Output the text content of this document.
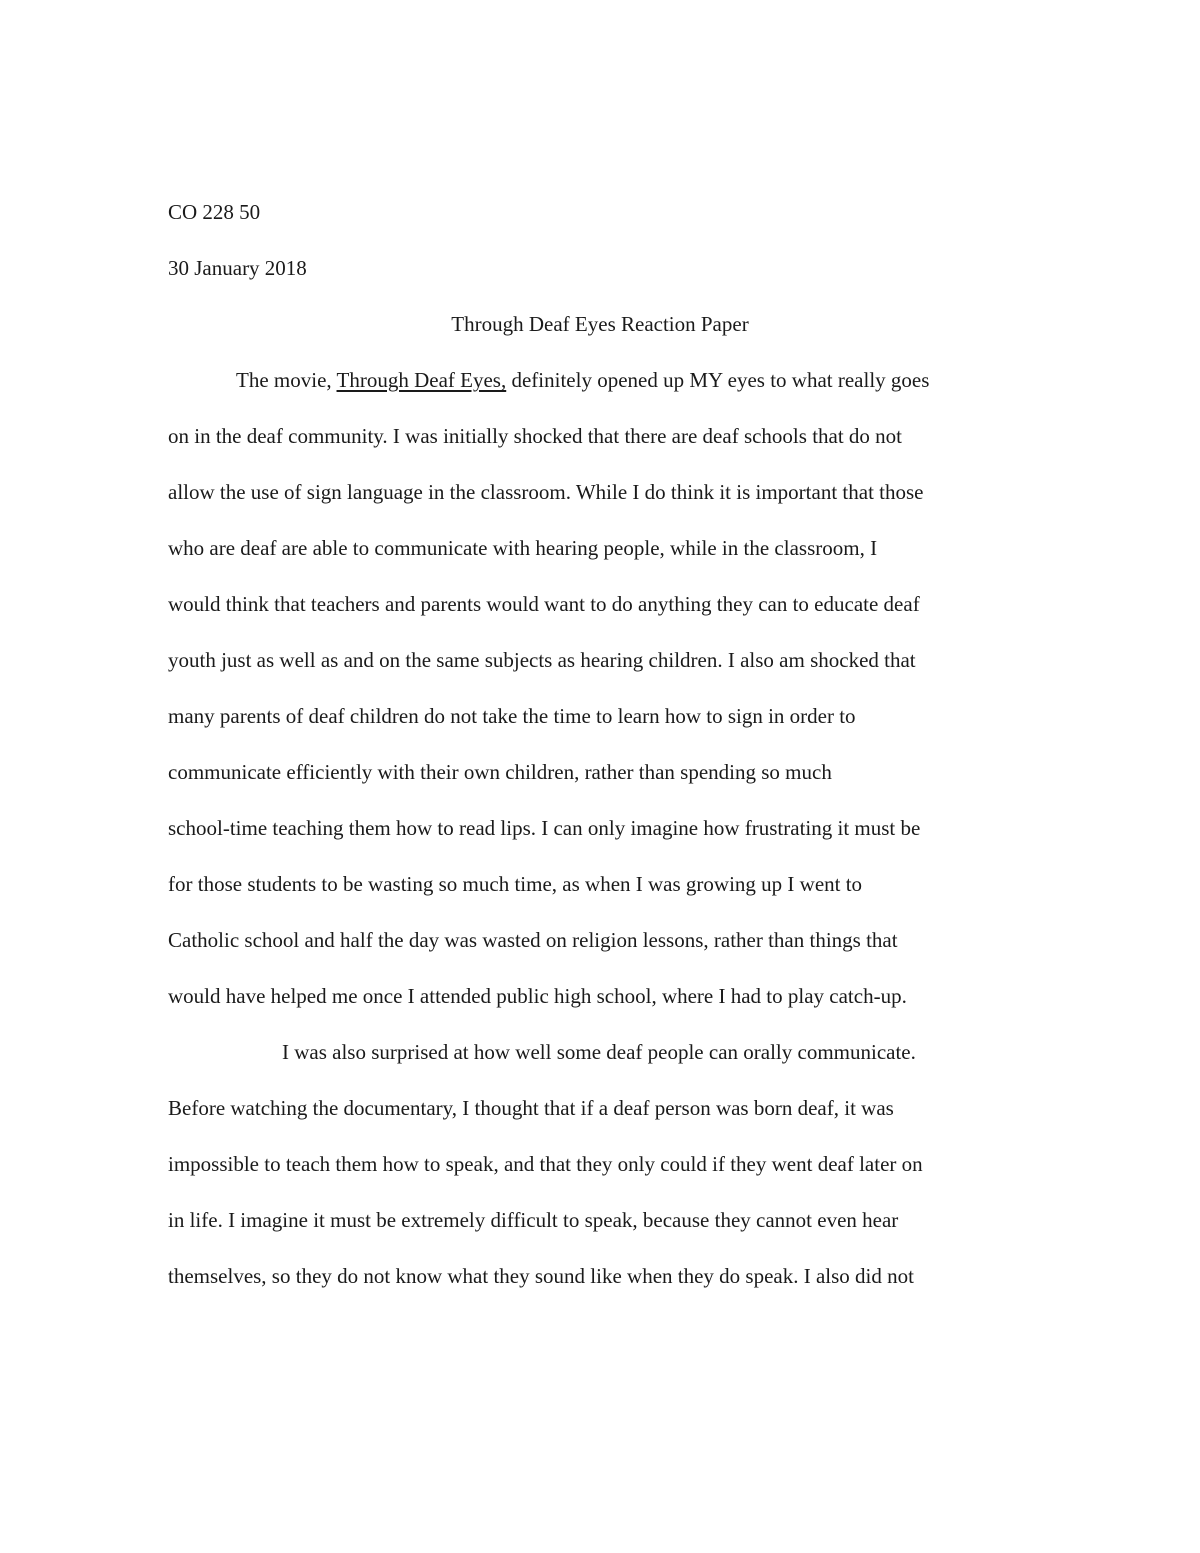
CO 228 50
30 January 2018
Through Deaf Eyes Reaction Paper
The movie, Through Deaf Eyes, definitely opened up MY eyes to what really goes
on in the deaf community. I was initially shocked that there are deaf schools that do not
allow the use of sign language in the classroom. While I do think it is important that those
who are deaf are able to communicate with hearing people, while in the classroom, I
would think that teachers and parents would want to do anything they can to educate deaf
youth just as well as and on the same subjects as hearing children. I also am shocked that
many parents of deaf children do not take the time to learn how to sign in order to
communicate efficiently with their own children, rather than spending so much
school-time teaching them how to read lips. I can only imagine how frustrating it must be
for those students to be wasting so much time, as when I was growing up I went to
Catholic school and half the day was wasted on religion lessons, rather than things that
would have helped me once I attended public high school, where I had to play catch-up.
I was also surprised at how well some deaf people can orally communicate.
Before watching the documentary, I thought that if a deaf person was born deaf, it was
impossible to teach them how to speak, and that they only could if they went deaf later on
in life. I imagine it must be extremely difficult to speak, because they cannot even hear
themselves, so they do not know what they sound like when they do speak. I also did not
